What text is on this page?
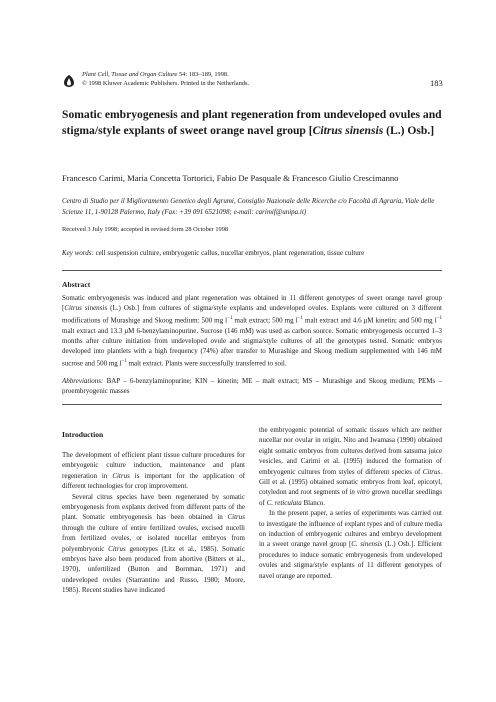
Plant Cell, Tissue and Organ Culture 54: 183–189, 1998.
© 1998 Kluwer Academic Publishers. Printed in the Netherlands.	183
Somatic embryogenesis and plant regeneration from undeveloped ovules and stigma/style explants of sweet orange navel group [Citrus sinensis (L.) Osb.]
Francesco Carimi, Maria Concetta Tortorici, Fabio De Pasquale & Francesco Giulio Crescimanno
Centro di Studio per il Miglioramento Genetico degli Agrumi, Consiglio Nazionale delle Ricerche c/o Facoltà di Agraria, Viale delle Scienze 11, 1-90128 Palermo, Italy (Fax: +39 091 6521098; e-mail: carimif@unipa.it)
Received 3 July 1998; accepted in revised form 28 October 1998
Key words: cell suspension culture, embryogenic callus, nucellar embryos, plant regeneration, tissue culture
Abstract
Somatic embryogenesis was induced and plant regeneration was obtained in 11 different genotypes of sweet orange navel group [Citrus sinensis (L.) Osb.] from cultures of stigma/style explants and undeveloped ovules. Explants were cultured on 3 different modifications of Murashige and Skoog medium: 500 mg $l^{-1}$ malt extract; 500 mg $l^{-1}$ malt extract and 4.6 μM kinetin; and 500 mg $l^{-1}$ malt extract and 13.3 μM 6-benzylaminopurine. Sucrose (146 mM) was used as carbon source. Somatic embryogenesis occurred 1–3 months after culture initiation from undeveloped ovule and stigma/style cultures of all the genotypes tested. Somatic embryos developed into plantlets with a high frequency (74%) after transfer to Murashige and Skoog medium supplemented with 146 mM sucrose and 500 mg $l^{-1}$ malt extract. Plants were successfully transferred to soil.
Abbreviations: BAP – 6-benzylaminopurine; KIN – kinetin; ME – malt extract; MS – Murashige and Skoog medium; PEMs – proembryogenic masses
Introduction

The development of efficient plant tissue culture procedures for embryogenic culture induction, maintenance and plant regeneration in Citrus is important for the application of different technologies for crop improvement.

Several citrus species have been regenerated by somatic embryogenesis from explants derived from different parts of the plant. Somatic embryogenesis has been obtained in Citrus through the culture of entire fertilized ovules, excised nucelli from fertilized ovules, or isolated nucellar embryos from polyembryonic Citrus genotypes (Litz et al., 1985). Somatic embryos have also been produced from abortive (Bitters et al., 1970), unfertilized (Button and Bornman, 1971) and undeveloped ovules (Starrantino and Russo, 1980; Moore, 1985). Recent studies have indicated

the embryogenic potential of somatic tissues which are neither nucellar nor ovular in origin. Nito and Iwamasa (1990) obtained eight somatic embryos from cultures derived from satsuma juice vesicles, and Carimi et al. (1995) induced the formation of embryogenic cultures from styles of different species of Citrus. Gill et al. (1995) obtained somatic embryos from leaf, epicotyl, cotyledon and root segments of in vitro grown nucellar seedlings of C. reticulata Blanco.

In the present paper, a series of experiments was carried out to investigate the influence of explant types and of culture media on induction of embryogenic cultures and embryo development in a sweet orange navel group [C. sinensis (L.) Osb.]. Efficient procedures to induce somatic embryogenesis from undeveloped ovules and stigma/style explants of 11 different genotypes of navel orange are reported.
